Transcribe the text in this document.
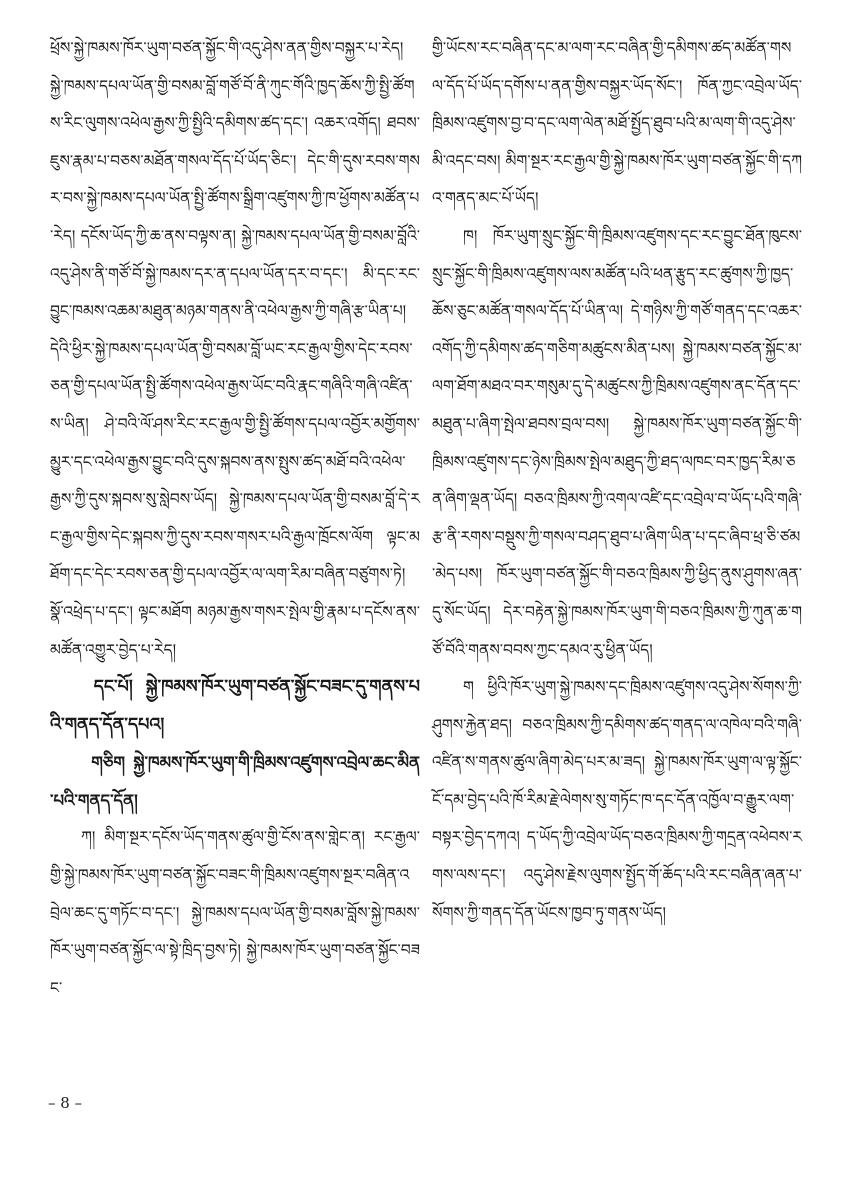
ཕྲོས་སྐྱེ་ཁམས་ཁོར་ཡུག་བཙན་སྐྱོང་གི་འདུ་ཤེས་ནན་གྱིས་བསྐྱར་པ་རེད། སྐྱེ་ཁམས་དཔལ་ཡོན་གྱི་བསམ་བློ་གཙོ་བོ་ནི་ཀུང་གོའི་ཁྱད་ཆོས་ཀྱི་སྤྱི་ཚོགས་རིང་ལུགས་འཕེལ་རྒྱས་ཀྱི་སྤྱིའི་དམིགས་ཚད་དང་། འཆར་འགོད། ཐབས་ཇུས་རྣམ་པ་བཅས་མཐོན་གསལ་དོད་པོ་ཡོད་ཅིང་། དེང་གི་དུས་རབས་གསར་བས་སྐྱེ་ཁམས་དཔལ་ཡོན་སྤྱི་ཚོགས་སྒྲིག་འཛུགས་ཀྱི་ཁ་ཕྱོགས་མཚོན་པ་རེད། དངོས་ཡོད་ཀྱི་ཆ་ནས་བལྟས་ན། སྐྱེ་ཁམས་དཔལ་ཡོན་གྱི་བསམ་བློའི་འདུ་ཤེས་ནི་གཙོ་བོ་སྐྱེ་ཁམས་དར་ན་དཔལ་ཡོན་དར་བ་དང་། མི་དང་རང་བྱུང་ཁམས་འཆམ་མཐུན་མཉམ་གནས་ནི་འཕེལ་རྒྱས་ཀྱི་གཞི་རྩ་ཡིན་པ། དེའི་ཕྱིར་སྐྱེ་ཁམས་དཔལ་ཡོན་གྱི་བསམ་བློ་ཡང་རང་རྒྱལ་གྱིས་དེང་རབས་ཅན་གྱི་དཔལ་ཡོན་སྤྱི་ཚོགས་འཕེལ་རྒྱས་ཡོང་བའི་རྣང་གཞིའི་གཞི་འཛིན་ས་ཡིན། ཤེ་བའི་ལོ་ཤས་རིང་རང་རྒྱལ་གྱི་སྤྱི་ཚོགས་དཔལ་འབྱོར་མགྱོགས་མྱུར་དང་འཕེལ་རྒྱས་བྱུང་བའི་དུས་སྐབས་ནས་སྤུས་ཚད་མཐོ་བའི་འཕེལ་རྒྱས་ཀྱི་དུས་སྐབས་སུ་སླེབས་ཡོད། སྐྱེ་ཁམས་དཔལ་ཡོན་གྱི་བསམ་བློ་དེ་རང་རྒྱལ་གྱིས་དེང་སྐབས་ཀྱི་དུས་རབས་གསར་པའི་རྒྱལ་ཁྲོངས་ལོག ལྟང་མཐོག་དང་དེང་རབས་ཅན་གྱི་དཔལ་འབྱོར་ལ་ལག་རིམ་བཞིན་བཙུགས་ཏེ། སྣོ་འཕྲེད་པ་དང་། ལྟང་མཐོག མཉམ་རྒྱས་གསར་སྤེལ་གྱི་རྣམ་པ་དངོས་ནས་མཚོན་འགྱུར་བྱེད་པ་རེད།

དང་པོ། སྐྱེ་ཁམས་ཁོར་ཡུག་བཙན་སྐྱོང་བཟང་དུ་གནས་པའི་གནད་དོན་དཔའ།

གཅིག སྐྱེ་ཁམས་ཁོར་ཡུག་གི་ཁྲིམས་འཛུགས་འབྲེལ་ཆང་མིན་པའི་གནད་དོན།

ཀ། མིག་སྔར་དངོས་ཡོད་གནས་ཚུལ་གྱི་ངོས་ནས་གླེང་ན། རང་རྒྱལ་གྱི་སྐྱེ་ཁམས་ཁོར་ཡུག་བཙན་སྐྱོང་བཟང་གི་ཁྲིམས་འཛུགས་སྔར་བཞིན་འབྲེལ་ཆང་དུ་གཏོང་བ་དང་། སྐྱེ་ཁམས་དཔལ་ཡོན་གྱི་བསམ་བློས་སྐྱེ་ཁམས་ཁོར་ཡུག་བཙན་སྐྱོང་ལ་སྟེ་ཁྲིད་བྱས་ཏེ། སྐྱེ་ཁམས་ཁོར་ཡུག་བཙན་སྐྱོང་བཟང་

གྱི་ཡོངས་རང་བཞིན་དང་མ་ལག་རང་བཞིན་གྱི་དམིགས་ཚད་མཚོན་གསལ་དོད་པོ་ཡོད་དགོས་པ་ནན་གྱིས་བསྐྱར་ཡོད་སོང་། ཁོན་ཀྱང་འབྲེལ་ཡོད་ཁྲིམས་འཛུགས་བྱ་བ་དང་ལག་ལེན་མཐོ་སྤྱོད་ཐུབ་པའི་མ་ལག་གི་འདུ་ཤེས་མི་འདང་བས། མིག་སྔར་རང་རྒྱལ་གྱི་སྐྱེ་ཁམས་ཁོར་ཡུག་བཙན་སྐྱོང་གི་དཀའ་གནད་མང་པོ་ཡོད།

ཁ། ཁོར་ཡུག་སྲུང་སྐྱོང་གི་ཁྲིམས་འཛུགས་དང་རང་བྱུང་ཐོན་ཁུངས་སྲུང་སྐྱོང་གི་ཁྲིམས་འཛུགས་ལས་མཚོན་པའི་ཕན་རྩུད་རང་ཚུགས་ཀྱི་ཁྱད་ཆོས་ཅུང་མཚོན་གསལ་དོད་པོ་ཡིན་ལ། དེ་གཉིས་ཀྱི་གཙོ་གནད་དང་འཆར་འགོད་ཀྱི་དམིགས་ཚད་གཅིག་མཚུངས་མིན་པས། སྐྱེ་ཁམས་བཙན་སྐྱོང་མ་ལག་ཐོག་མཐའ་བར་གསུམ་དུ་དེ་མཚུངས་ཀྱི་ཁྲིམས་འཛུགས་ནང་དོན་དང་མཐུན་པ་ཞིག་སྤེལ་ཐབས་བྲལ་བས། སྐྱེ་ཁམས་ཁོར་ཡུག་བཙན་སྐྱོང་གི་ཁྲིམས་འཛུགས་དང་ཉེས་ཁྲིམས་སྤེལ་མཐུད་ཀྱི་ཐད་ལཁང་བར་ཁྱད་རིམ་ཅན་ཞིག་ལྡན་ཡོད། བཅའ་ཁྲིམས་ཀྱི་འགལ་འཛི་དང་འབྲེལ་བ་ཡོད་པའི་གཞི་རྩ་ནི་རགས་བསྡུས་ཀྱི་གསལ་བཤད་ཐུབ་པ་ཞིག་ཡིན་པ་དང་ཞིབ་ཕྲ་ཅི་ཙམ་མེད་པས། ཁོར་ཡུག་བཙན་སྐྱོང་གི་བཅའ་ཁྲིམས་ཀྱི་ཕྱིད་ནུས་ཤུགས་ཞན་དུ་སོང་ཡོད། དེར་བརྟེན་སྐྱེ་ཁམས་ཁོར་ཡུག་གི་བཅའ་ཁྲིམས་ཀྱི་ཀུན་ཆ་གཙོ་བོའི་གནས་བབས་ཀྱང་དམའ་རུ་ཕྱིན་ཡོད།

ག ཕྱིའི་ཁོར་ཡུག་སྐྱེ་ཁམས་དང་ཁྲིམས་འཛུགས་འདུ་ཤེས་སོགས་ཀྱི་ཤུགས་རྐྱེན་ཐད། བཅའ་ཁྲིམས་ཀྱི་དམིགས་ཚད་གནད་ལ་འཁེལ་བའི་གཞི་འཛིན་ས་གནས་ཚུལ་ཞིག་མེད་པར་མ་ཟད། སྐྱེ་ཁམས་ཁོར་ཡུག་ལ་ལྟ་སྐྱོང་ངོ་དམ་བྱེད་པའི་ཁོ་རིམ་རྗེ་ལེགས་སུ་གཏོང་ཁ་དང་དོན་འཁྱོལ་བ་རྒྱུར་ལག་བསྟར་བྱེད་དཀའ། ད་ཡོད་ཀྱི་འབྲེལ་ཡོད་བཅའ་ཁྲིམས་ཀྱི་གདྲན་འཕེབས་རགས་ལས་དང་། འདུ་ཤེས་རྗེས་ལུགས་སྤྱོད་གོ་ཆོད་པའི་རང་བཞིན་ཞན་པ་སོགས་ཀྱི་གནད་དོན་ཡོངས་ཁྱབ་ཏུ་གནས་ཡོད།

– 8 –
